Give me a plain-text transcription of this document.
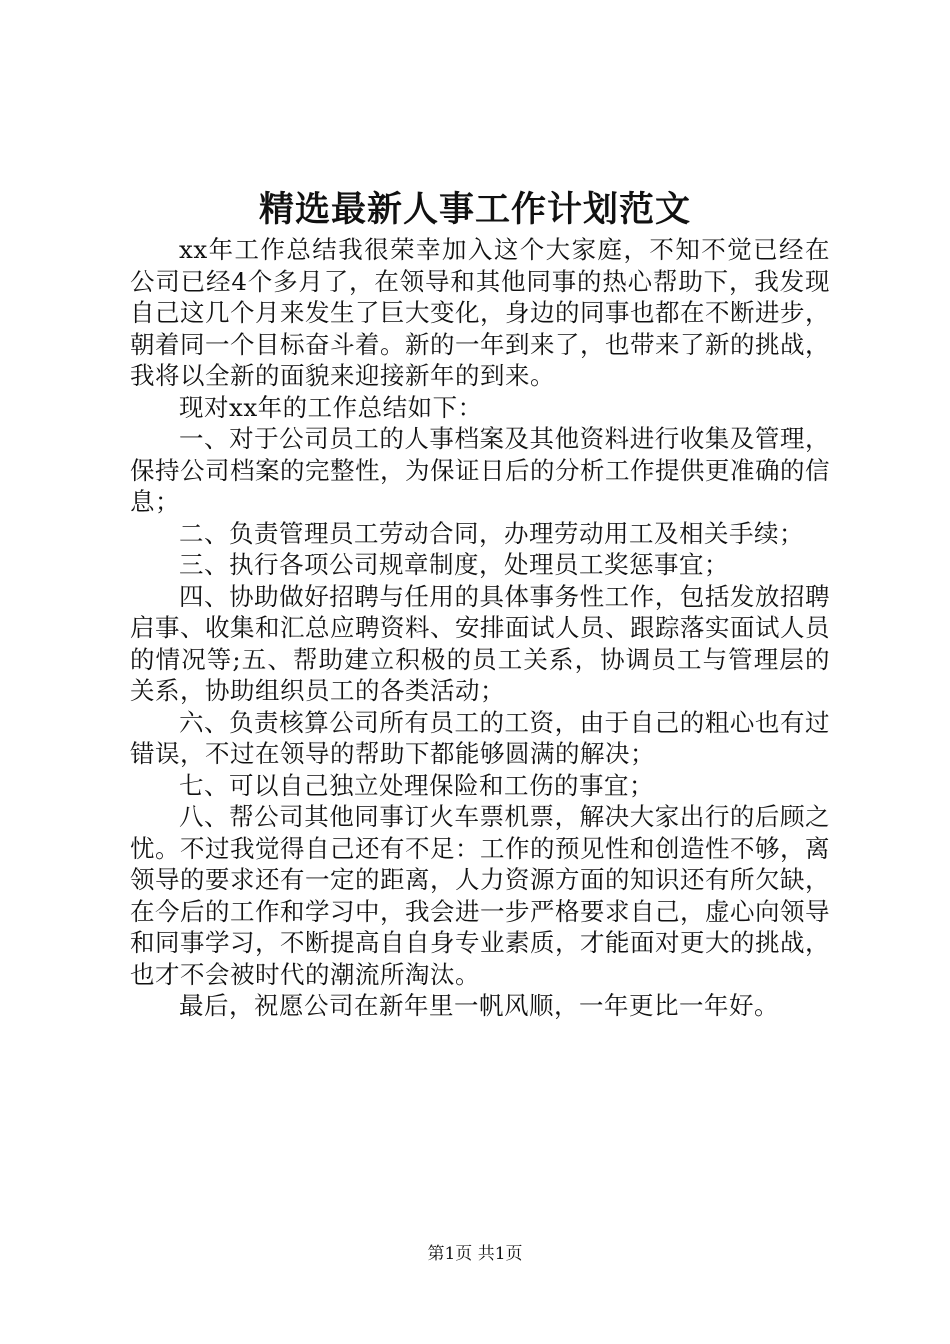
精选最新人事工作计划范文

xx年工作总结我很荣幸加入这个大家庭，不知不觉已经在公司已经4个多月了，在领导和其他同事的热心帮助下，我发现自己这几个月来发生了巨大变化，身边的同事也都在不断进步，朝着同一个目标奋斗着。新的一年到来了，也带来了新的挑战，我将以全新的面貌来迎接新年的到来。

现对xx年的工作总结如下：

一、对于公司员工的人事档案及其他资料进行收集及管理，保持公司档案的完整性，为保证日后的分析工作提供更准确的信息；

二、负责管理员工劳动合同，办理劳动用工及相关手续；

三、执行各项公司规章制度，处理员工奖惩事宜；

四、协助做好招聘与任用的具体事务性工作，包括发放招聘启事、收集和汇总应聘资料、安排面试人员、跟踪落实面试人员的情况等;五、帮助建立积极的员工关系，协调员工与管理层的关系，协助组织员工的各类活动；

六、负责核算公司所有员工的工资，由于自己的粗心也有过错误，不过在领导的帮助下都能够圆满的解决；

七、可以自己独立处理保险和工伤的事宜；

八、帮公司其他同事订火车票机票，解决大家出行的后顾之忧。不过我觉得自己还有不足：工作的预见性和创造性不够，离领导的要求还有一定的距离，人力资源方面的知识还有所欠缺，在今后的工作和学习中，我会进一步严格要求自己，虚心向领导和同事学习，不断提高自自身专业素质，才能面对更大的挑战，也才不会被时代的潮流所淘汰。

最后，祝愿公司在新年里一帆风顺，一年更比一年好。

第1页 共1页
